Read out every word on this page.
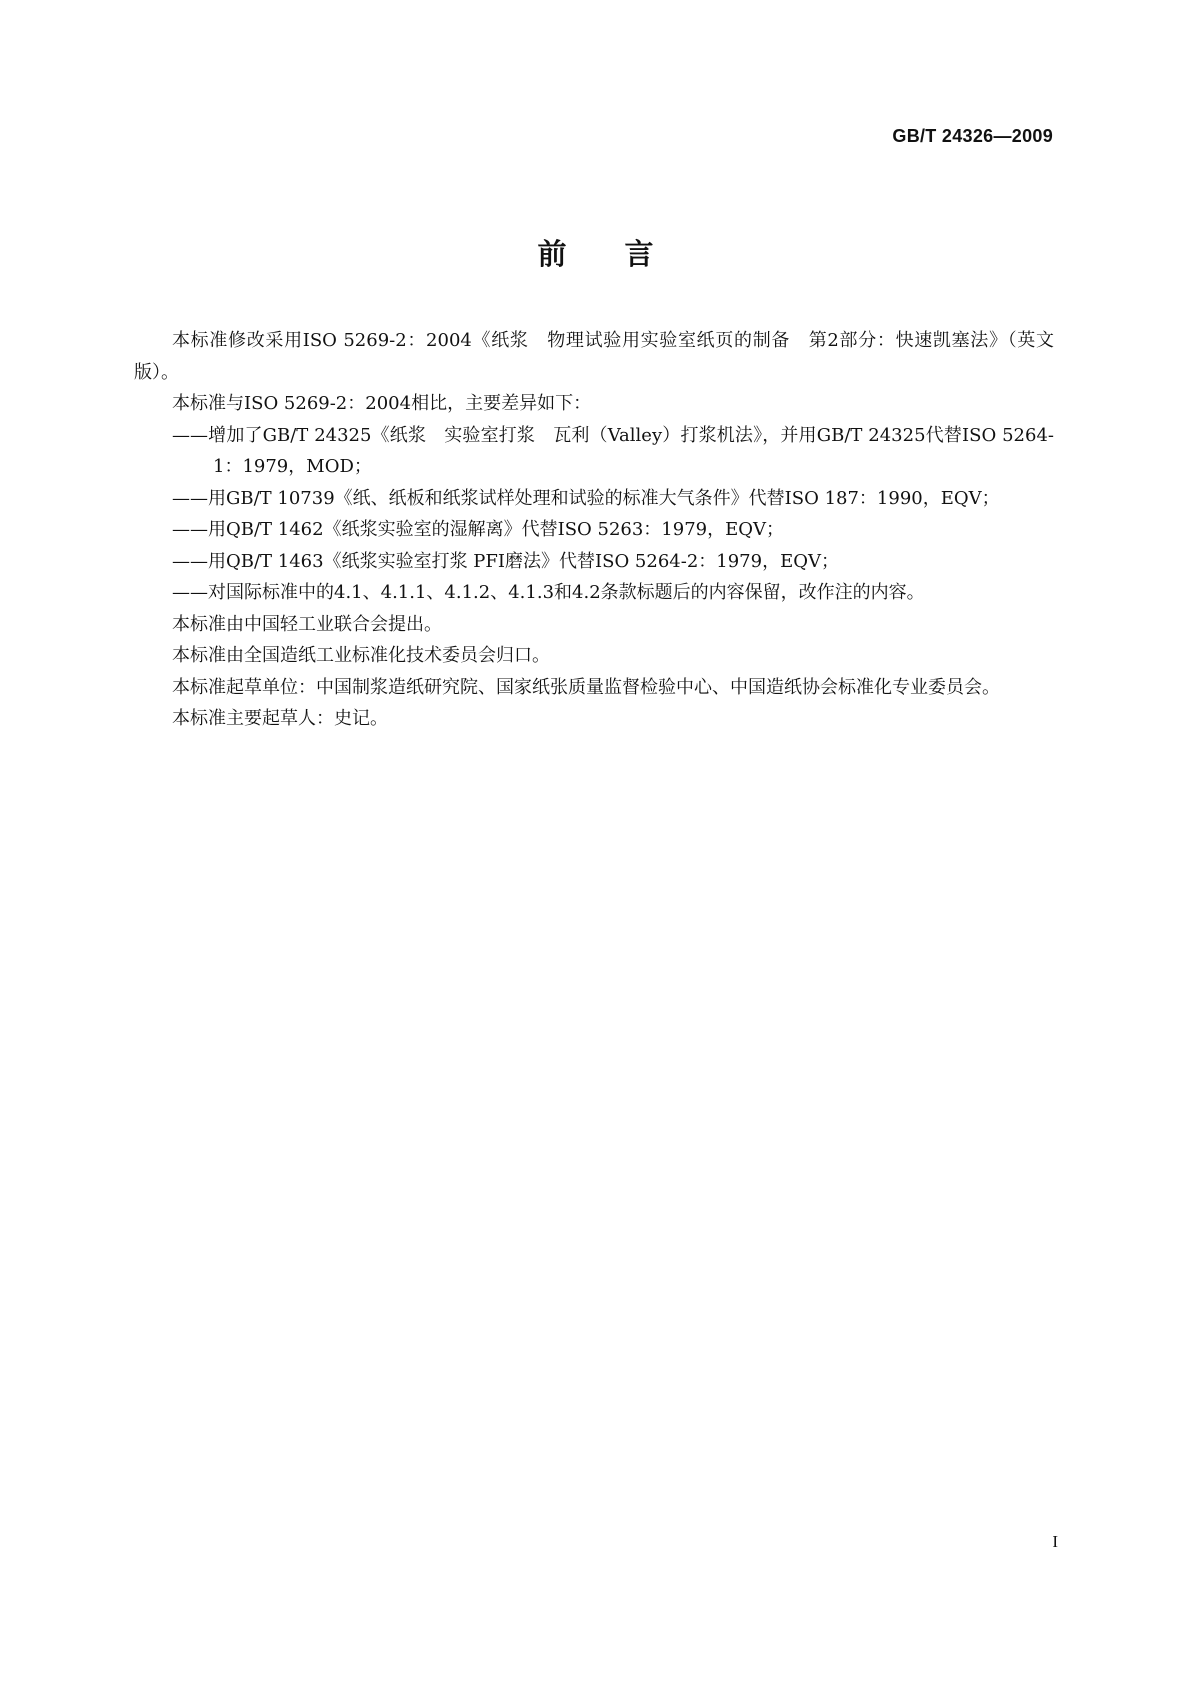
GB/T 24326—2009
前言

本标准修改采用ISO 5269-2：2004《纸浆　物理试验用实验室纸页的制备　第2部分：快速凯塞法》（英文版）。

本标准与ISO 5269-2：2004相比，主要差异如下：

——增加了GB/T 24325《纸浆　实验室打浆　瓦利（Valley）打浆机法》，并用GB/T 24325代替ISO 5264-1：1979，MOD；

——用GB/T 10739《纸、纸板和纸浆试样处理和试验的标准大气条件》代替ISO 187：1990，EQV；

——用QB/T 1462《纸浆实验室的湿解离》代替ISO 5263：1979，EQV；

——用QB/T 1463《纸浆实验室打浆 PFI磨法》代替ISO 5264-2：1979，EQV；

——对国际标准中的4.1、4.1.1、4.1.2、4.1.3和4.2条款标题后的内容保留，改作注的内容。

本标准由中国轻工业联合会提出。

本标准由全国造纸工业标准化技术委员会归口。

本标准起草单位：中国制浆造纸研究院、国家纸张质量监督检验中心、中国造纸协会标准化专业委员会。

本标准主要起草人：史记。

I
